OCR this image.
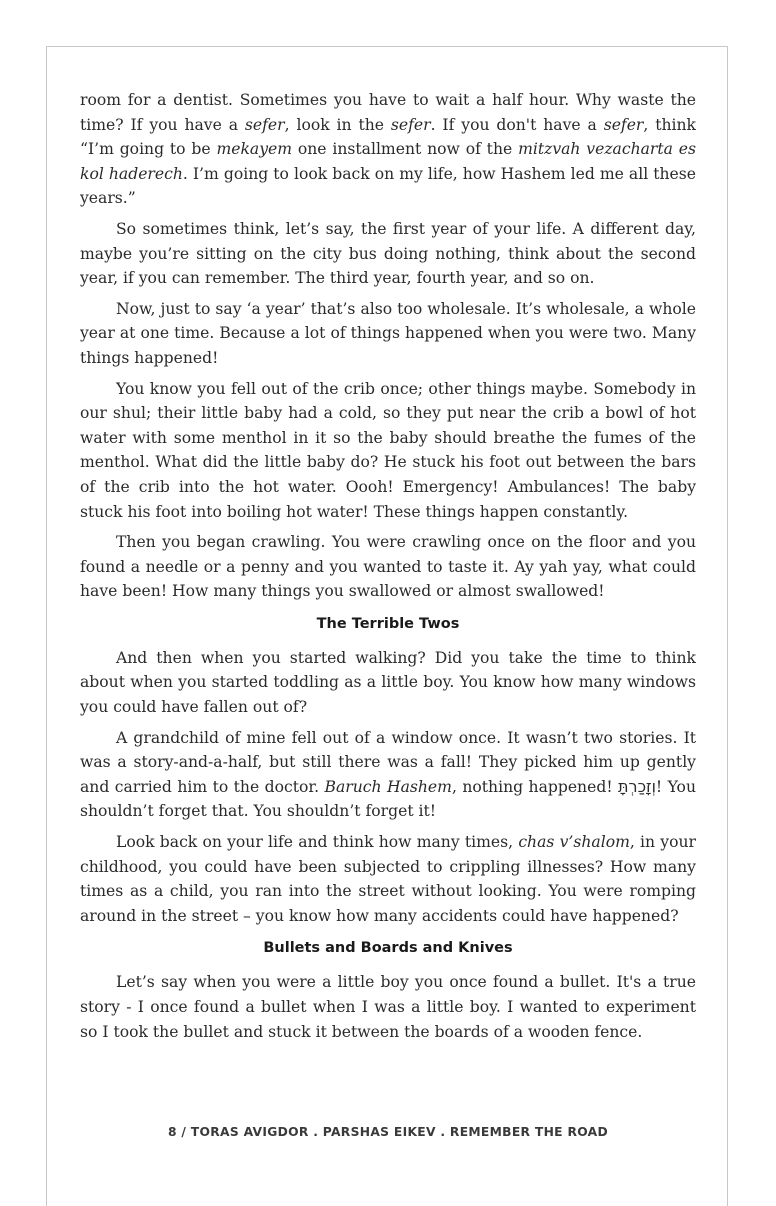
room for a dentist. Sometimes you have to wait a half hour. Why waste the time? If you have a sefer, look in the sefer. If you don't have a sefer, think “I’m going to be mekayem one installment now of the mitzvah vezacharta es kol haderech. I’m going to look back on my life, how Hashem led me all these years.”

So sometimes think, let’s say, the first year of your life. A different day, maybe you’re sitting on the city bus doing nothing, think about the second year, if you can remember. The third year, fourth year, and so on.

Now, just to say ‘a year’ that’s also too wholesale. It’s wholesale, a whole year at one time. Because a lot of things happened when you were two. Many things happened!

You know you fell out of the crib once; other things maybe. Somebody in our shul; their little baby had a cold, so they put near the crib a bowl of hot water with some menthol in it so the baby should breathe the fumes of the menthol. What did the little baby do? He stuck his foot out between the bars of the crib into the hot water. Oooh! Emergency! Ambulances! The baby stuck his foot into boiling hot water! These things happen constantly.

Then you began crawling. You were crawling once on the floor and you found a needle or a penny and you wanted to taste it. Ay yah yay, what could have been! How many things you swallowed or almost swallowed!

The Terrible Twos

And then when you started walking? Did you take the time to think about when you started toddling as a little boy. You know how many windows you could have fallen out of?

A grandchild of mine fell out of a window once. It wasn’t two stories. It was a story-and-a-half, but still there was a fall! They picked him up gently and carried him to the doctor. Baruch Hashem, nothing happened! וְזָכַרְתָּ! You shouldn’t forget that. You shouldn’t forget it!

Look back on your life and think how many times, chas v’shalom, in your childhood, you could have been subjected to crippling illnesses? How many times as a child, you ran into the street without looking. You were romping around in the street – you know how many accidents could have happened?

Bullets and Boards and Knives

Let’s say when you were a little boy you once found a bullet. It's a true story - I once found a bullet when I was a little boy. I wanted to experiment so I took the bullet and stuck it between the boards of a wooden fence.

8 / TORAS AVIGDOR . PARSHAS EIKEV . REMEMBER THE ROAD
